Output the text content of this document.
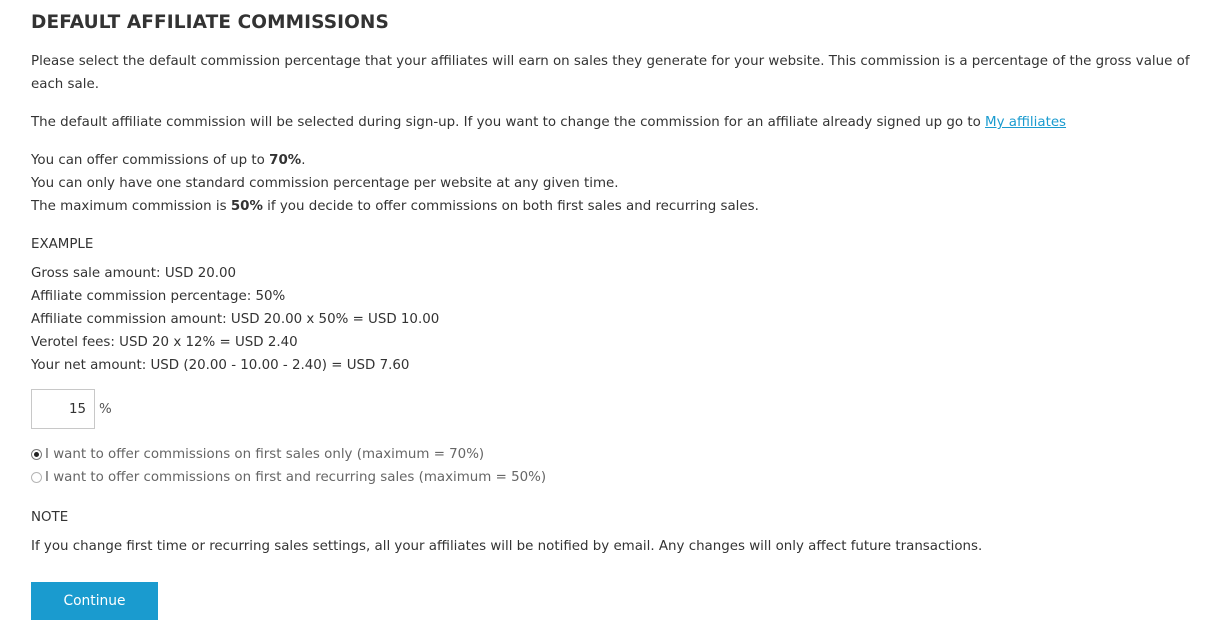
DEFAULT AFFILIATE COMMISSIONS

Please select the default commission percentage that your affiliates will earn on sales they generate for your website. This commission is a percentage of the gross value of each sale.

The default affiliate commission will be selected during sign-up. If you want to change the commission for an affiliate already signed up go to My affiliates

You can offer commissions of up to 70%.
You can only have one standard commission percentage per website at any given time.
The maximum commission is 50% if you decide to offer commissions on both first sales and recurring sales.
EXAMPLE
Gross sale amount: USD 20.00
Affiliate commission percentage: 50%
Affiliate commission amount: USD 20.00 x 50% = USD 10.00
Verotel fees: USD 20 x 12% = USD 2.40
Your net amount: USD (20.00 - 10.00 - 2.40) = USD 7.60
15
%
I want to offer commissions on first sales only (maximum = 70%)
I want to offer commissions on first and recurring sales (maximum = 50%)
NOTE

If you change first time or recurring sales settings, all your affiliates will be notified by email. Any changes will only affect future transactions.

Continue
